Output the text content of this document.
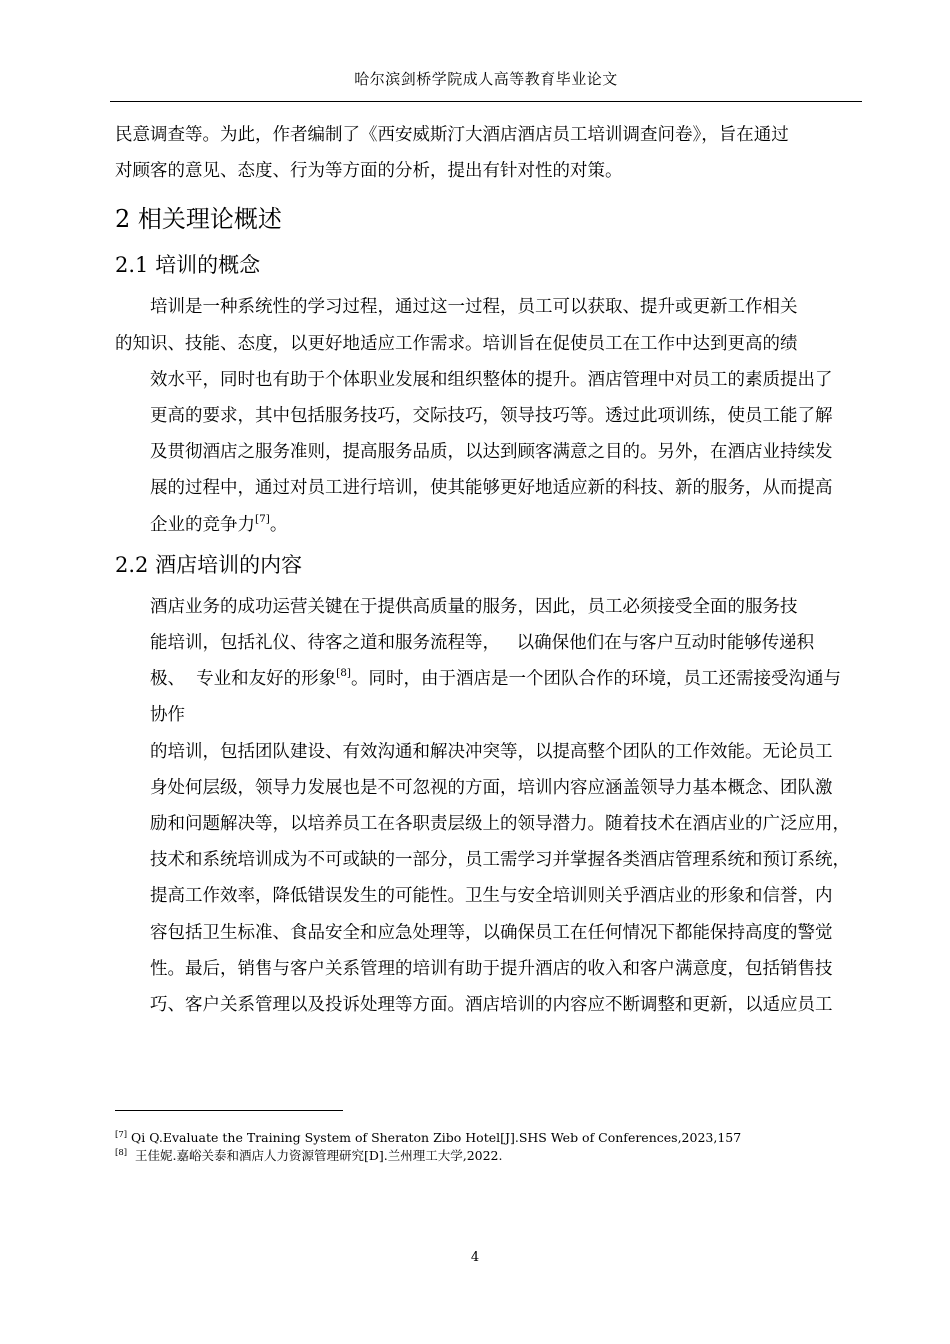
哈尔滨剑桥学院成人高等教育毕业论文

民意调查等。为此，作者编制了《西安威斯汀大酒店酒店员工培训调查问卷》，旨在通过
对顾客的意见、态度、行为等方面的分析，提出有针对性的对策。

2 相关理论概述
2.1 培训的概念

培训是一种系统性的学习过程，通过这一过程，员工可以获取、提升或更新工作相关
的知识、技能、态度，以更好地适应工作需求。培训旨在促使员工在工作中达到更高的绩
效水平，同时也有助于个体职业发展和组织整体的提升。酒店管理中对员工的素质提出了
更高的要求，其中包括服务技巧，交际技巧，领导技巧等。透过此项训练，使员工能了解
及贯彻酒店之服务准则，提高服务品质，以达到顾客满意之目的。另外，在酒店业持续发
展的过程中，通过对员工进行培训，使其能够更好地适应新的科技、新的服务，从而提高
企业的竞争力[7]。

2.2 酒店培训的内容

酒店业务的成功运营关键在于提供高质量的服务，因此，员工必须接受全面的服务技
能培训，包括礼仪、待客之道和服务流程等，   以确保他们在与客户互动时能够传递积
极、  专业和友好的形象[8]。同时，由于酒店是一个团队合作的环境，员工还需接受沟通与
协作
的培训，包括团队建设、有效沟通和解决冲突等，以提高整个团队的工作效能。无论员工
身处何层级，领导力发展也是不可忽视的方面，培训内容应涵盖领导力基本概念、团队激
励和问题解决等，以培养员工在各职责层级上的领导潜力。随着技术在酒店业的广泛应用，
技术和系统培训成为不可或缺的一部分，员工需学习并掌握各类酒店管理系统和预订系统，
提高工作效率，降低错误发生的可能性。卫生与安全培训则关乎酒店业的形象和信誉，内
容包括卫生标准、食品安全和应急处理等，以确保员工在任何情况下都能保持高度的警觉
性。最后，销售与客户关系管理的培训有助于提升酒店的收入和客户满意度，包括销售技
巧、客户关系管理以及投诉处理等方面。酒店培训的内容应不断调整和更新，以适应员工

[7] Qi Q.Evaluate the Training System of Sheraton Zibo Hotel[J].SHS Web of Conferences,2023,157
[8]  王佳妮.嘉峪关泰和酒店人力资源管理研究[D].兰州理工大学,2022.
4
